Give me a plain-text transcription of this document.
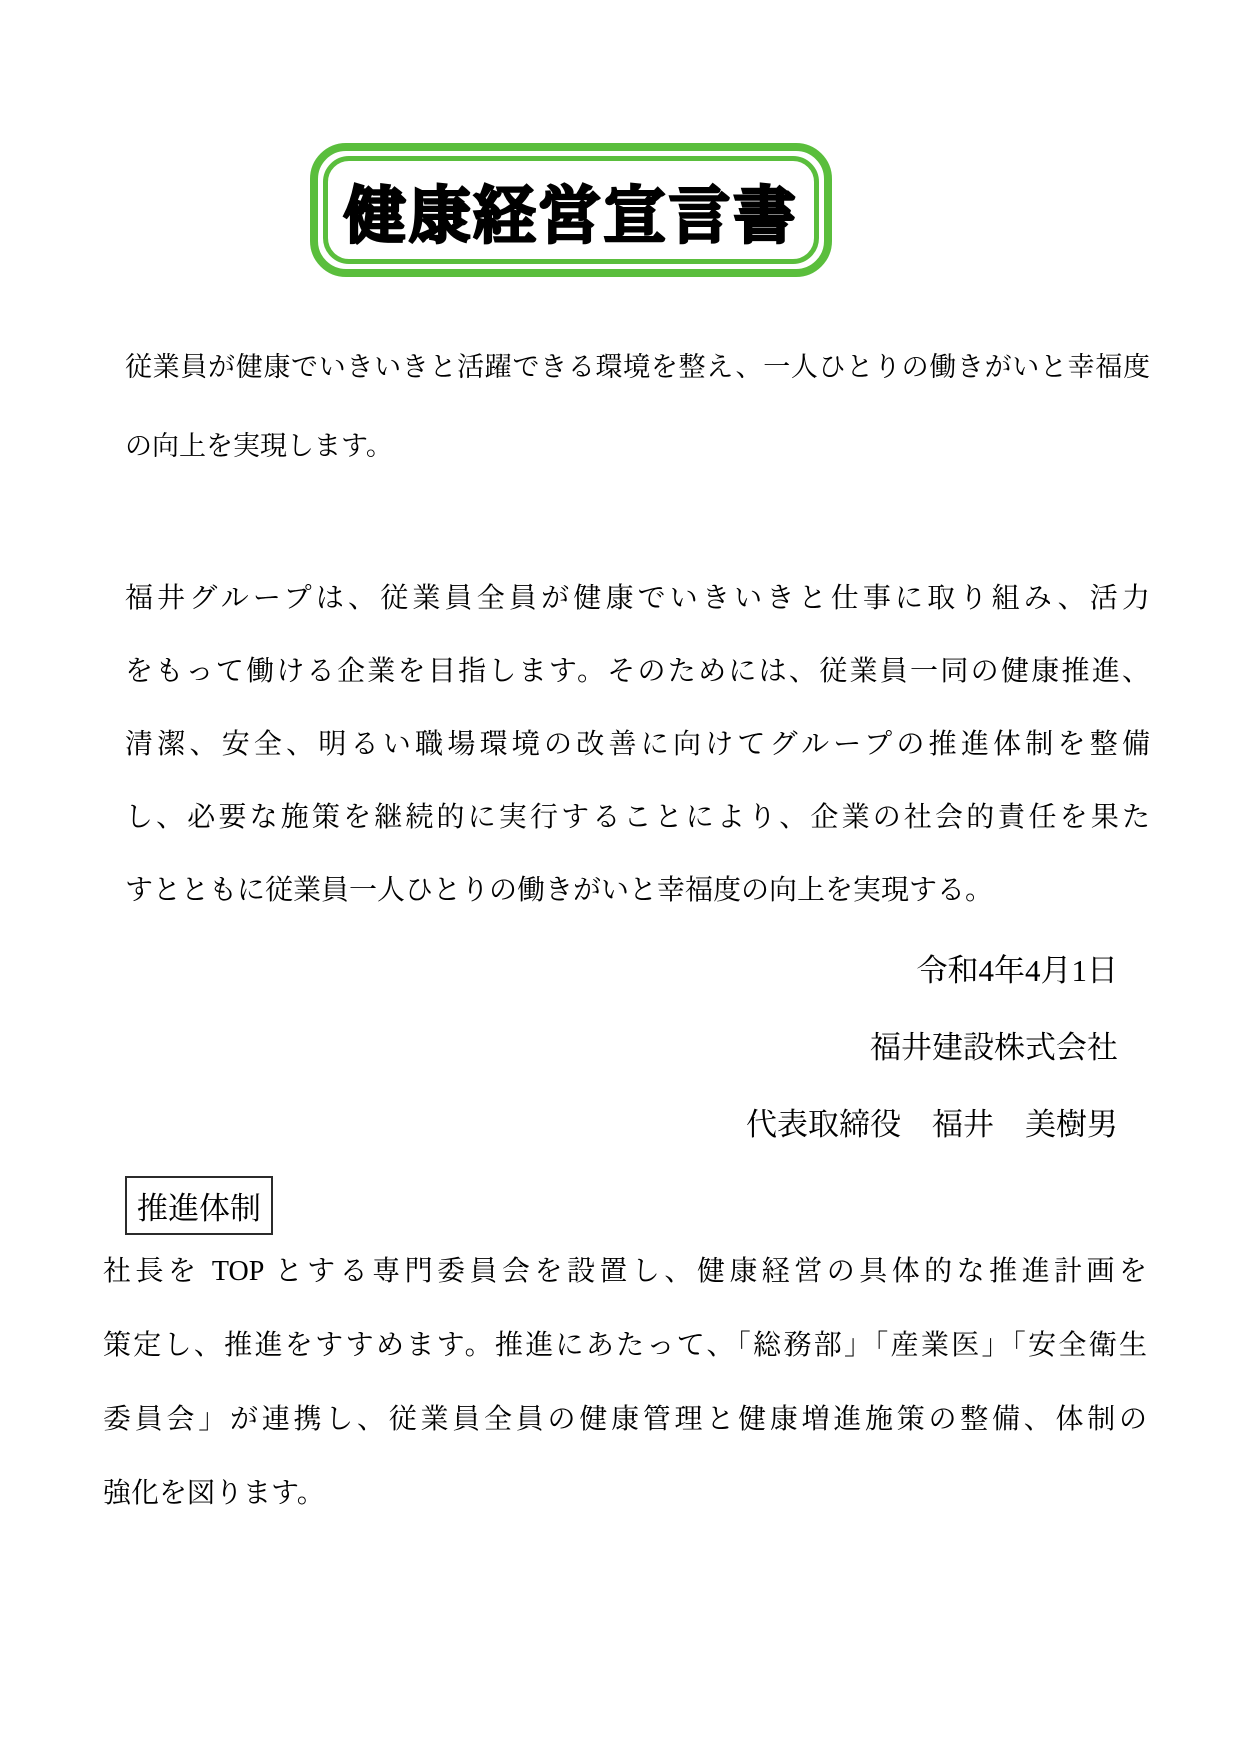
健康経営宣言書
従業員が健康でいきいきと活躍できる環境を整え、一人ひとりの働きがいと幸福度
の向上を実現します。
福井グループは、従業員全員が健康でいきいきと仕事に取り組み、活力
をもって働ける企業を目指します。そのためには、従業員一同の健康推進、
清潔、安全、明るい職場環境の改善に向けてグループの推進体制を整備
し、必要な施策を継続的に実行することにより、企業の社会的責任を果た
すとともに従業員一人ひとりの働きがいと幸福度の向上を実現する。
令和4年4月1日
福井建設株式会社
代表取締役　福井　美樹男
推進体制
社長を TOP とする専門委員会を設置し、健康経営の具体的な推進計画を
策定し、推進をすすめます。推進にあたって、「総務部」「産業医」「安全衛生
委員会」が連携し、従業員全員の健康管理と健康増進施策の整備、体制の
強化を図ります。
